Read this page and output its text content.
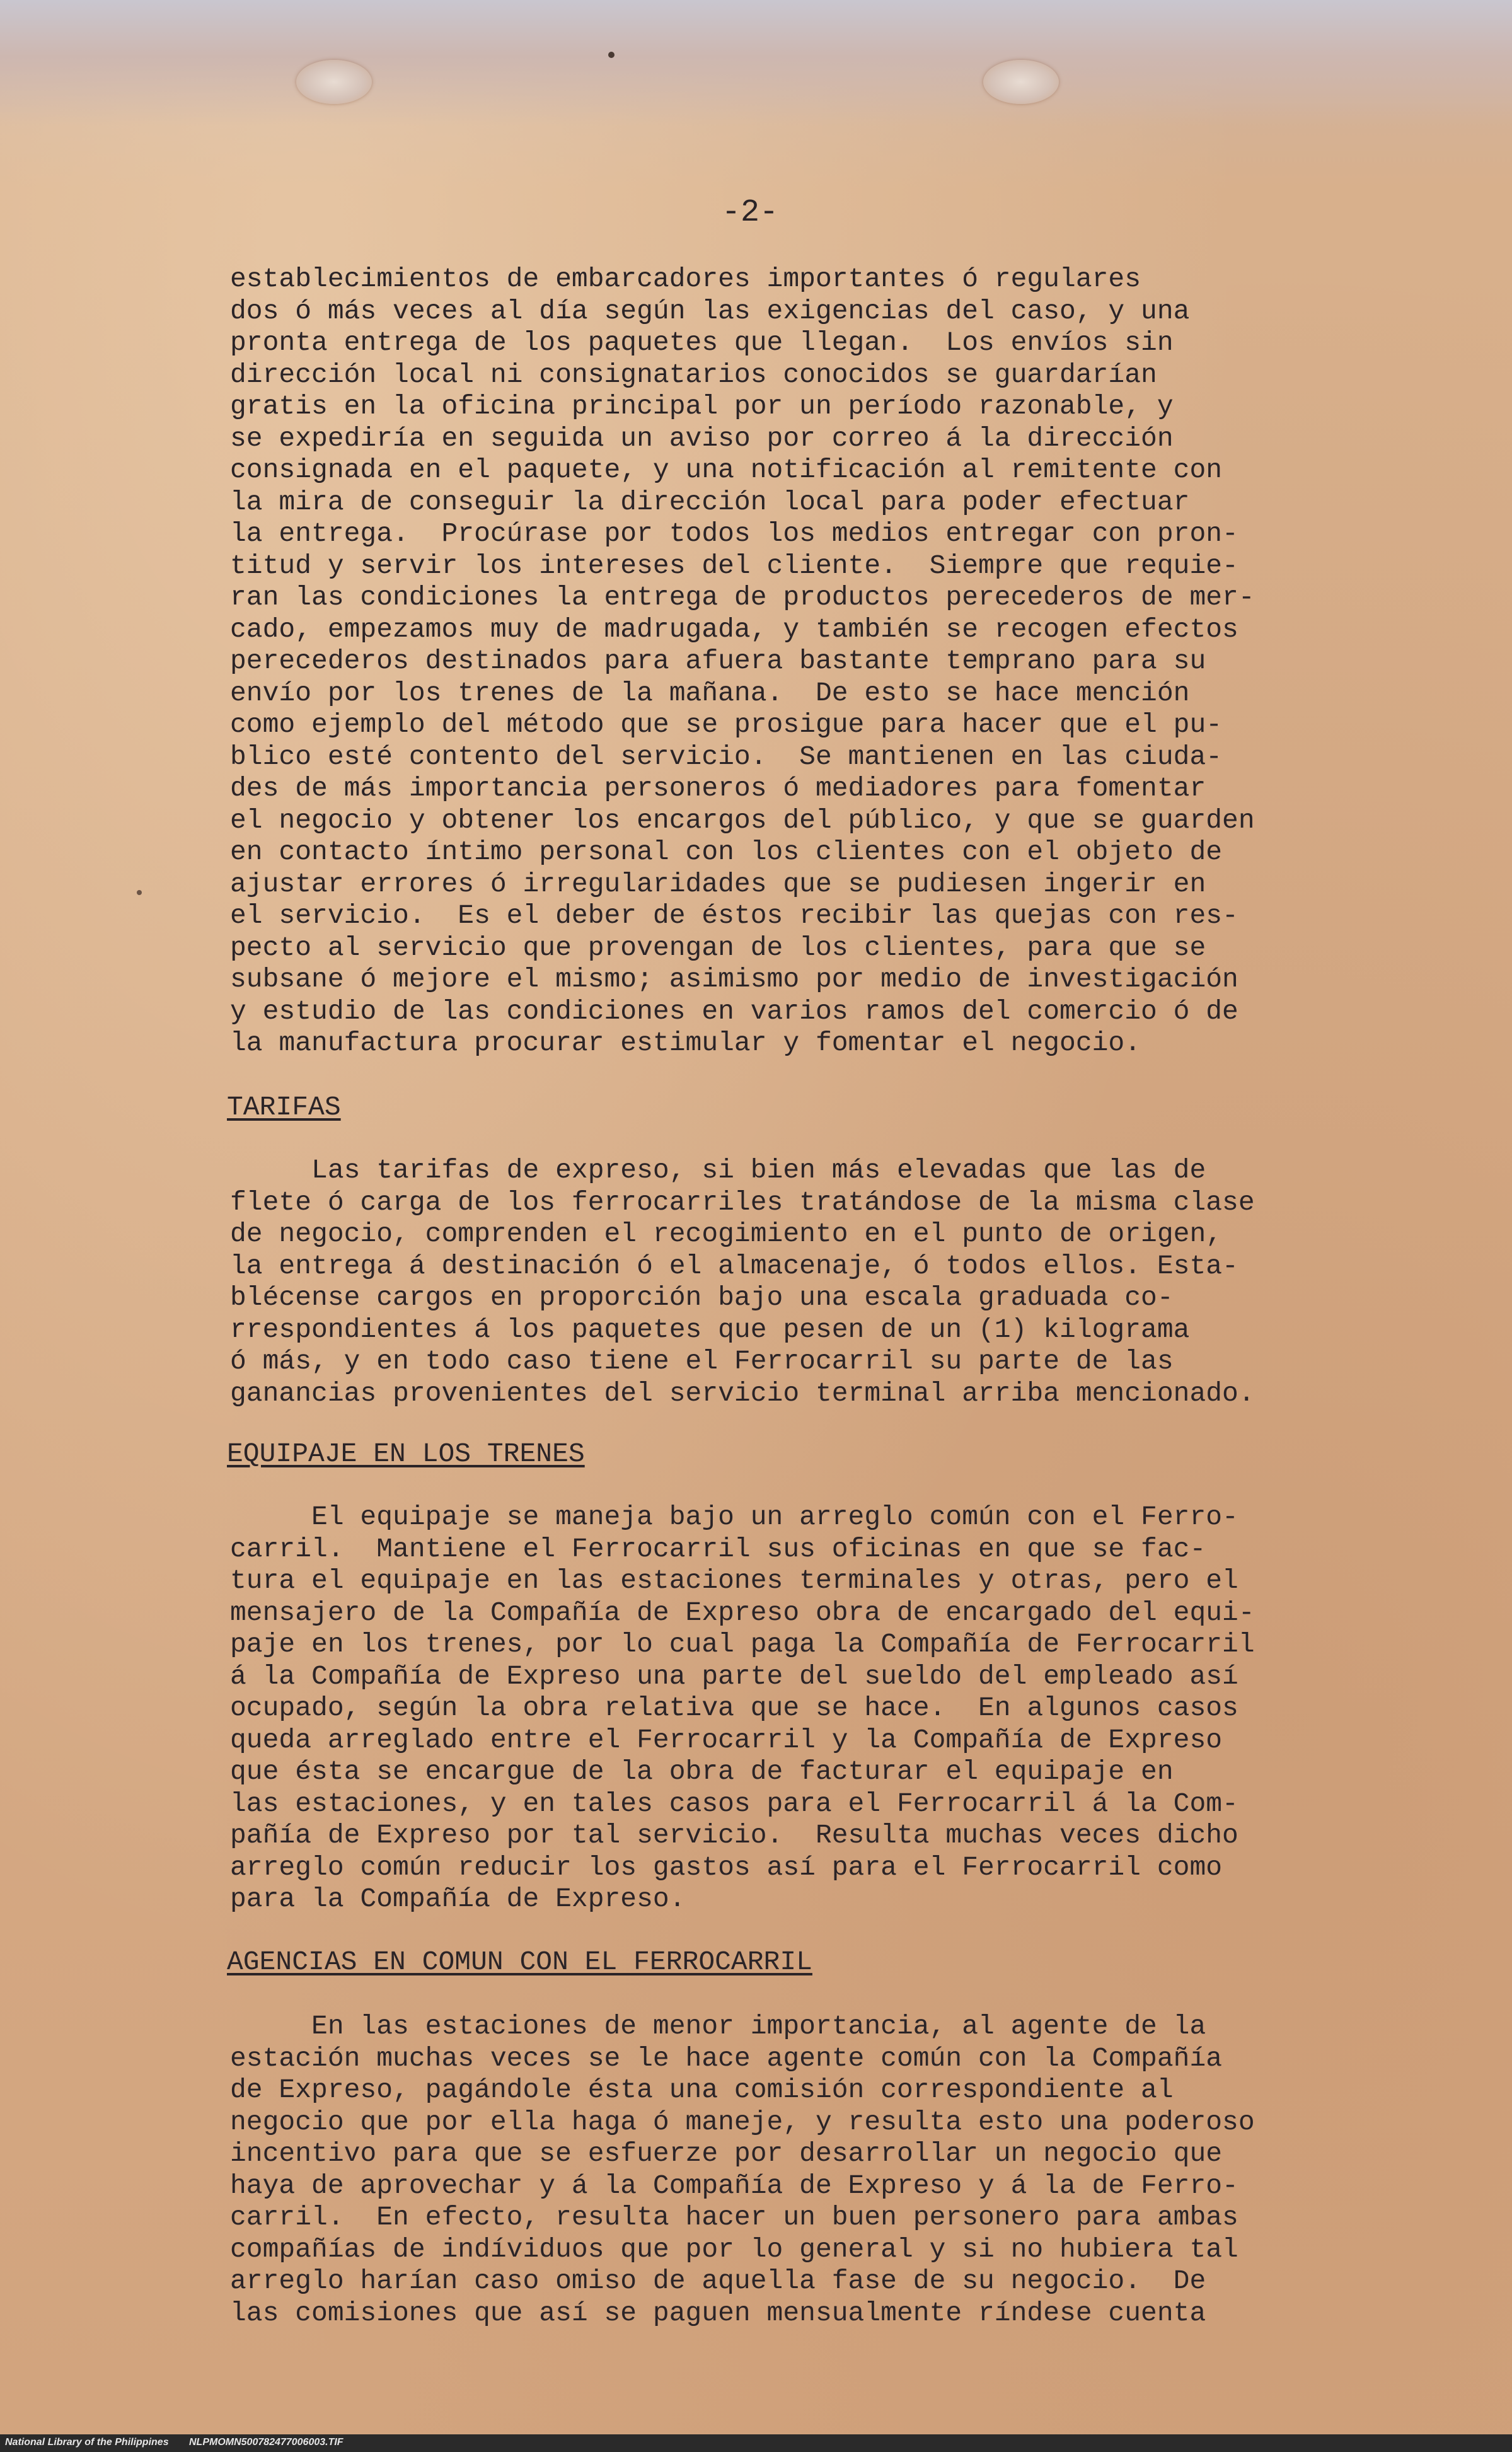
-2-
establecimientos de embarcadores importantes ó regulares
dos ó más veces al día según las exigencias del caso, y una
pronta entrega de los paquetes que llegan.  Los envíos sin
dirección local ni consignatarios conocidos se guardarían
gratis en la oficina principal por un período razonable, y
se expediría en seguida un aviso por correo á la dirección
consignada en el paquete, y una notificación al remitente con
la mira de conseguir la dirección local para poder efectuar
la entrega.  Procúrase por todos los medios entregar con pron-
titud y servir los intereses del cliente.  Siempre que requie-
ran las condiciones la entrega de productos perecederos de mer-
cado, empezamos muy de madrugada, y también se recogen efectos
perecederos destinados para afuera bastante temprano para su
envío por los trenes de la mañana.  De esto se hace mención
como ejemplo del método que se prosigue para hacer que el pu-
blico esté contento del servicio.  Se mantienen en las ciuda-
des de más importancia personeros ó mediadores para fomentar
el negocio y obtener los encargos del público, y que se guarden
en contacto íntimo personal con los clientes con el objeto de
ajustar errores ó irregularidades que se pudiesen ingerir en
el servicio.  Es el deber de éstos recibir las quejas con res-
pecto al servicio que provengan de los clientes, para que se
subsane ó mejore el mismo; asimismo por medio de investigación
y estudio de las condiciones en varios ramos del comercio ó de
la manufactura procurar estimular y fomentar el negocio.
TARIFAS
Las tarifas de expreso, si bien más elevadas que las de
flete ó carga de los ferrocarriles tratándose de la misma clase
de negocio, comprenden el recogimiento en el punto de origen,
la entrega á destinación ó el almacenaje, ó todos ellos. Esta-
blécense cargos en proporción bajo una escala graduada co-
rrespondientes á los paquetes que pesen de un (1) kilograma
ó más, y en todo caso tiene el Ferrocarril su parte de las
ganancias provenientes del servicio terminal arriba mencionado.
EQUIPAJE EN LOS TRENES
El equipaje se maneja bajo un arreglo común con el Ferro-
carril.  Mantiene el Ferrocarril sus oficinas en que se fac-
tura el equipaje en las estaciones terminales y otras, pero el
mensajero de la Compañía de Expreso obra de encargado del equi-
paje en los trenes, por lo cual paga la Compañía de Ferrocarril
á la Compañía de Expreso una parte del sueldo del empleado así
ocupado, según la obra relativa que se hace.  En algunos casos
queda arreglado entre el Ferrocarril y la Compañía de Expreso
que ésta se encargue de la obra de facturar el equipaje en
las estaciones, y en tales casos para el Ferrocarril á la Com-
pañía de Expreso por tal servicio.  Resulta muchas veces dicho
arreglo común reducir los gastos así para el Ferrocarril como
para la Compañía de Expreso.
AGENCIAS EN COMUN CON EL FERROCARRIL
En las estaciones de menor importancia, al agente de la
estación muchas veces se le hace agente común con la Compañía
de Expreso, pagándole ésta una comisión correspondiente al
negocio que por ella haga ó maneje, y resulta esto una poderoso
incentivo para que se esfuerze por desarrollar un negocio que
haya de aprovechar y á la Compañía de Expreso y á la de Ferro-
carril.  En efecto, resulta hacer un buen personero para ambas
compañías de indíviduos que por lo general y si no hubiera tal
arreglo harían caso omiso de aquella fase de su negocio.  De
las comisiones que así se paguen mensualmente ríndese cuenta
National Library of the Philippines NLPMOMN500782477006003.TIF
